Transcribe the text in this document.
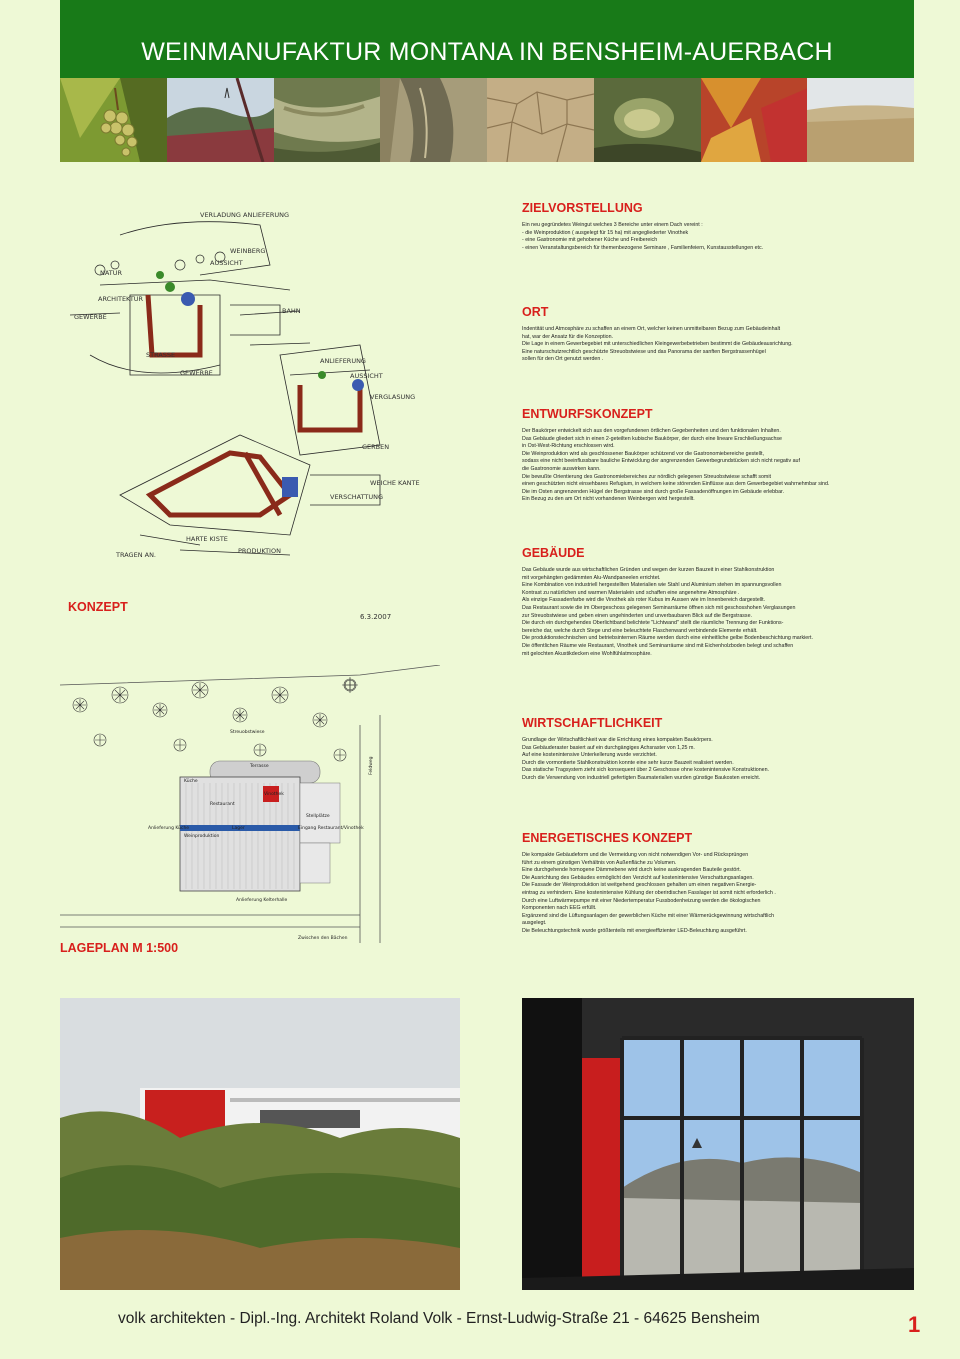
WEINMANUFAKTUR MONTANA IN BENSHEIM-AUERBACH
ZIELVORSTELLUNG
Ein neu gegründetes Weingut welches 3 Bereiche unter einem Dach vereint :
- die Weinproduktion ( ausgelegt für 15 ha) mit angegliederter Vinothek
- eine Gastronomie mit gehobener Küche und Freibereich
- einen Veranstaltungsbereich für themenbezogene Seminare , Familienfeiern, Kunstausstellungen etc.
ORT
Indentität und Atmosphäre zu schaffen an einem Ort, welcher keinen unmittelbaren Bezug zum Gebäudeinhalt
hat, war der Ansatz für die Konzeption.
Die Lage in einem Gewerbegebiet mit unterschiedlichen Kleingewerbebetrieben bestimmt die Gebäudeausrichtung.
Eine naturschutzrechtlich geschützte Streuobstwiese und das Panorama der sanften Bergstrassenhügel
sollen für den Ort genutzt werden .
ENTWURFSKONZEPT
Der Baukörper entwickelt sich aus den vorgefundenen örtlichen Gegebenheiten und den funktionalen Inhalten.
Das Gebäude gliedert sich in einen 2-geteilten kubische Baukörper, der durch eine lineare Erschließungsachse
in Ost-West-Richtung erschlossen wird.
Die Weinproduktion wird als geschlossener Baukörper schützend vor die Gastronomiebereiche gestellt,
sodass eine nicht beeinflussbare bauliche Entwicklung der angrenzenden Gewerbegrundstücken sich nicht negativ auf
die Gastronomie auswirken kann.
Die bewußte Orientierung des Gastronomiebereiches zur nördlich gelegenen Streuobstwiese schafft somit
einen geschützten nicht einsehbares Refugium, in welchem keine störenden Einflüsse aus dem Gewerbegebiet wahrnehmbar sind.
Die im Osten angrenzenden Hügel der Bergstrasse sind durch große Fassadenöffnungen im Gebäude erlebbar.
Ein Bezug zu den am Ort nicht vorhandenen Weinbergen wird hergestellt.
GEBÄUDE
Das Gebäude wurde aus wirtschaftlichen Gründen und wegen der kurzen Bauzeit in einer Stahlkonstruktion
mit vorgehängten gedämmten Alu-Wandpaneelen errichtet.
Eine Kombination von industriell hergestellten Materialien wie Stahl und Aluminium stehen im spannungsvollen
Kontrast zu natürlichen und warmen Materialein und schaffen eine angenehme Atmosphäre .
Als einzige Fassadenfarbe wird die Vinothek als roter Kubus im Aussen wie im Innenbereich dargestellt.
Das Restaurant sowie die im Obergeschoss gelegenen Seminarräume öffnen sich mit geschosshohen Verglasungen
zur Streuobstwiese und geben einen ungehinderten und unverbaubaren Blick auf die Bergstrasse.
Die durch ein durchgehendes Oberlichtband belichtete "Lichtwand" stellt die räumliche Trennung der Funktions-
bereiche dar, welche durch Stege und eine beleuchtete Flaschenwand verbindende Elemente erhält.
Die produktionstechnischen und betriebsinternen Räume werden durch eine einheitliche gelbe Bodenbeschichtung markiert.
Die öffentlichen Räume wie Restaurant, Vinothek und Seminarräume sind mit Eichenholzboden belegt und schaffen
mit gelochten Akustikdecken eine Wohlfühlatmosphäre.
WIRTSCHAFTLICHKEIT
Grundlage der Wirtschaftlichkeit war die Errichtung eines kompakten Baukörpers.
Das Gebäuderaster basiert auf ein durchgängiges Achsraster von 1,25 m.
Auf eine kostenintensive Unterkellerung wurde verzichtet.
Durch die vormontierte Stahlkonstruktion konnte eine sehr kurze Bauzeit realisiert werden.
Das statische Tragsystem zieht sich konsequent über 2 Geschosse ohne kostenintensive Konstruktionen.
Durch die Verwendung von industriell gefertigten Baumaterialien wurden günstige Baukosten erreicht.
ENERGETISCHES KONZEPT
Die kompakte Gebäudeform und die Vermeidung von nicht notwendigen Vor- und Rücksprüngen
führt zu einem günstigen Verhältnis von Außenfläche zu Volumen.
Eine durchgehende homogene Dämmebene wird durch keine auskragenden Bauteile gestört.
Die Ausrichtung des Gebäudes ermöglicht den Verzicht auf kostenintensive Verschattungsanlagen.
Die Fassade der Weinproduktion ist weitgehend geschlossen gehalten um einen negativen Energie-
eintrag zu verhindern. Eine kostenintensive Kühlung der oberirdischen Fasslager ist somit nicht erforderlich .
Durch eine Luftwärmepumpe mit einer Niedertemperatur Fussbodenheizung werden die ökologischen
Komponenten nach EEG erfüllt.
Ergänzend sind die Lüftungsanlagen der gewerblichen Küche mit einer Wärmerückgewinnung wirtschaftlich
ausgelegt.
Die Beleuchtungstechnik wurde größtenteils mit energieeffizienter LED-Beleuchtung ausgeführt.
VERLADUNG ANLIEFERUNG
NATUR
AUSSICHT
WEINBERG
ARCHITEKTUR
GEWERBE
STRASSE
BAHN
GEWERBE
ANLIEFERUNG
AUSSICHT
VERGLASUNG
GERBEN
WEICHE KANTE
VERSCHATTUNG
HARTE KISTE
PRODUKTION
TRAGEN AN.
6.3.2007
KONZEPT
Streuobstwiese
Küche
Terrasse
Restaurant
Vinothek
Anlieferung Küche	Lager	Eingang Restaurant/Vinothek
Weinproduktion
Stellplätze
Feldweg
Anlieferung Kelterhalle
Zwischen den Bächen
LAGEPLAN M 1:500
volk architekten - Dipl.-Ing. Architekt Roland Volk - Ernst-Ludwig-Straße 21 - 64625 Bensheim	1
